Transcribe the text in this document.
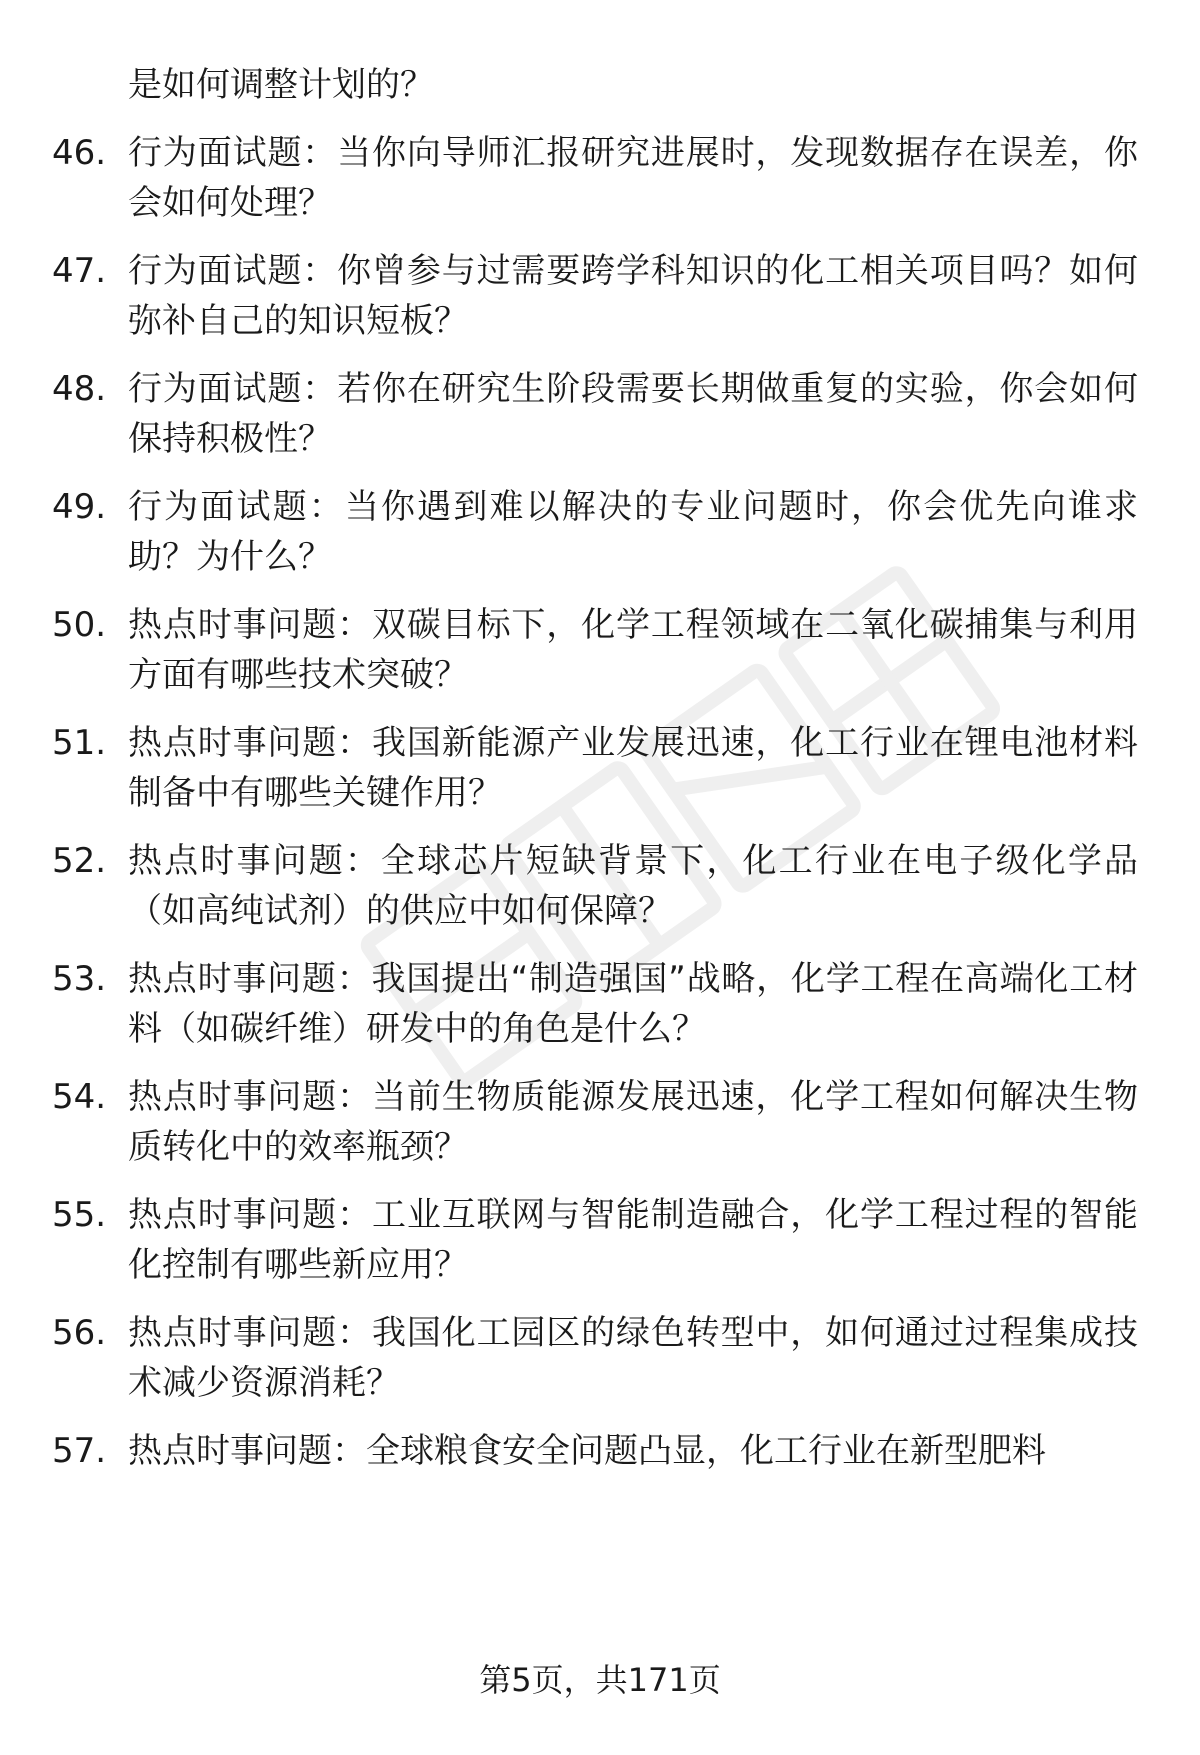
是如何调整计划的？
46. 行为面试题：当你向导师汇报研究进展时，发现数据存在误差，你会如何处理？
47. 行为面试题：你曾参与过需要跨学科知识的化工相关项目吗？如何弥补自己的知识短板？
48. 行为面试题：若你在研究生阶段需要长期做重复的实验，你会如何保持积极性？
49. 行为面试题：当你遇到难以解决的专业问题时，你会优先向谁求助？为什么？
50. 热点时事问题：双碳目标下，化学工程领域在二氧化碳捕集与利用方面有哪些技术突破？
51. 热点时事问题：我国新能源产业发展迅速，化工行业在锂电池材料制备中有哪些关键作用？
52. 热点时事问题：全球芯片短缺背景下，化工行业在电子级化学品（如高纯试剂）的供应中如何保障？
53. 热点时事问题：我国提出“制造强国”战略，化学工程在高端化工材料（如碳纤维）研发中的角色是什么？
54. 热点时事问题：当前生物质能源发展迅速，化学工程如何解决生物质转化中的效率瓶颈？
55. 热点时事问题：工业互联网与智能制造融合，化学工程过程的智能化控制有哪些新应用？
56. 热点时事问题：我国化工园区的绿色转型中，如何通过过程集成技术减少资源消耗？
57. 热点时事问题：全球粮食安全问题凸显，化工行业在新型肥料
第5页，共171页
